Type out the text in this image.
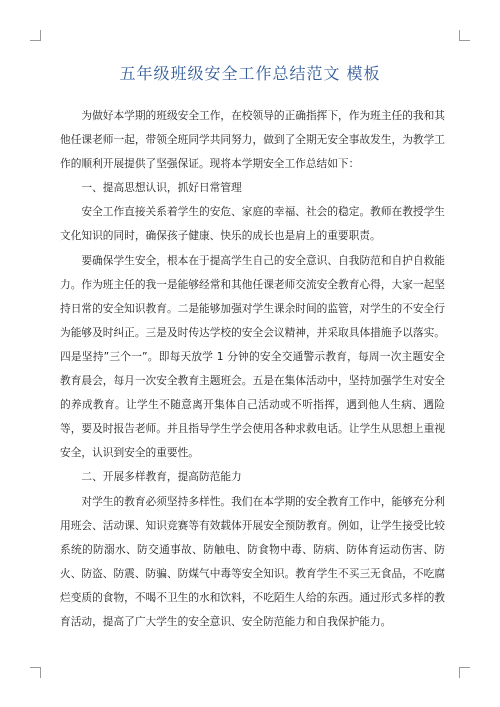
五年级班级安全工作总结范文 模板

为做好本学期的班级安全工作，在校领导的正确指挥下，作为班主任的我和其他任课老师一起，带领全班同学共同努力，做到了全期无安全事故发生，为教学工作的顺利开展提供了坚强保证。现将本学期安全工作总结如下：

一、提高思想认识，抓好日常管理

安全工作直接关系着学生的安危、家庭的幸福、社会的稳定。教师在教授学生文化知识的同时，确保孩子健康、快乐的成长也是肩上的重要职责。

要确保学生安全，根本在于提高学生自己的安全意识、自我防范和自护自救能力。作为班主任的我一是能够经常和其他任课老师交流安全教育心得，大家一起坚持日常的安全知识教育。二是能够加强对学生课余时间的监管，对学生的不安全行为能够及时纠正。三是及时传达学校的安全会议精神，并采取具体措施予以落实。四是坚持”三个一”。即每天放学 1 分钟的安全交通警示教育，每周一次主题安全教育晨会，每月一次安全教育主题班会。五是在集体活动中，坚持加强学生对安全的养成教育。让学生不随意离开集体自己活动或不听指挥，遇到他人生病、遇险等，要及时报告老师。并且指导学生学会使用各种求救电话。让学生从思想上重视安全，认识到安全的重要性。

二、开展多样教育，提高防范能力

对学生的教育必须坚持多样性。我们在本学期的安全教育工作中，能够充分利用班会、活动课、知识竞赛等有效载体开展安全预防教育。例如，让学生接受比较系统的防溺水、防交通事故、防触电、防食物中毒、防病、防体育运动伤害、防火、防盗、防震、防骗、防煤气中毒等安全知识。教育学生不买三无食品，不吃腐烂变质的食物，不喝不卫生的水和饮料，不吃陌生人给的东西。通过形式多样的教育活动，提高了广大学生的安全意识、安全防范能力和自我保护能力。
